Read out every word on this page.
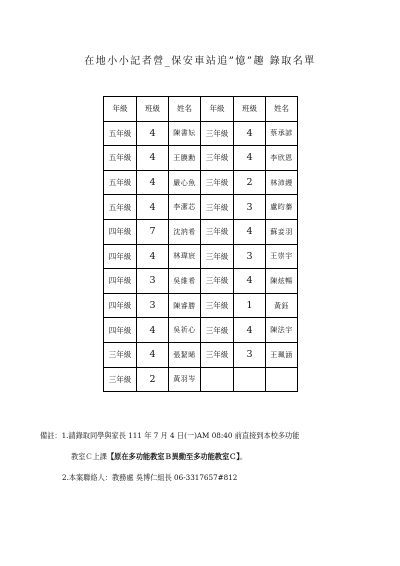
在地小小記者營_保安車站追”憶”趣 錄取名單
年級	班級	姓名	年級	班級	姓名
五年級	4	陳書妘	三年級	4	蔡承諺
五年級	4	王膜勳	三年級	4	李欣恩
五年級	4	嚴心魚	三年級	2	林沛縵
五年級	4	李潔芯	三年級	3	盧昀蓁
四年級	7	沈汭希	三年級	4	蘇妾羽
四年級	4	林瑋宸	三年級	3	王崇宇
四年級	3	吳維希	三年級	4	陳炫暢
四年級	3	陳睿勝	三年級	1	黃鈺
四年級	4	吳祈心	三年級	4	陳法宇
三年級	4	張絜晞	三年級	3	王珮涵
三年級	2	黃羽岑			
備註：1.請錄取同學與家長 111 年 7 月 4 日(一)AM 08:40 前直接到本校多功能
教室Ｃ上課【原在多功能教室Ｂ異動至多功能教室Ｃ】。
2.本案聯絡人：教務處 吳博仁組長 06-3317657#812
